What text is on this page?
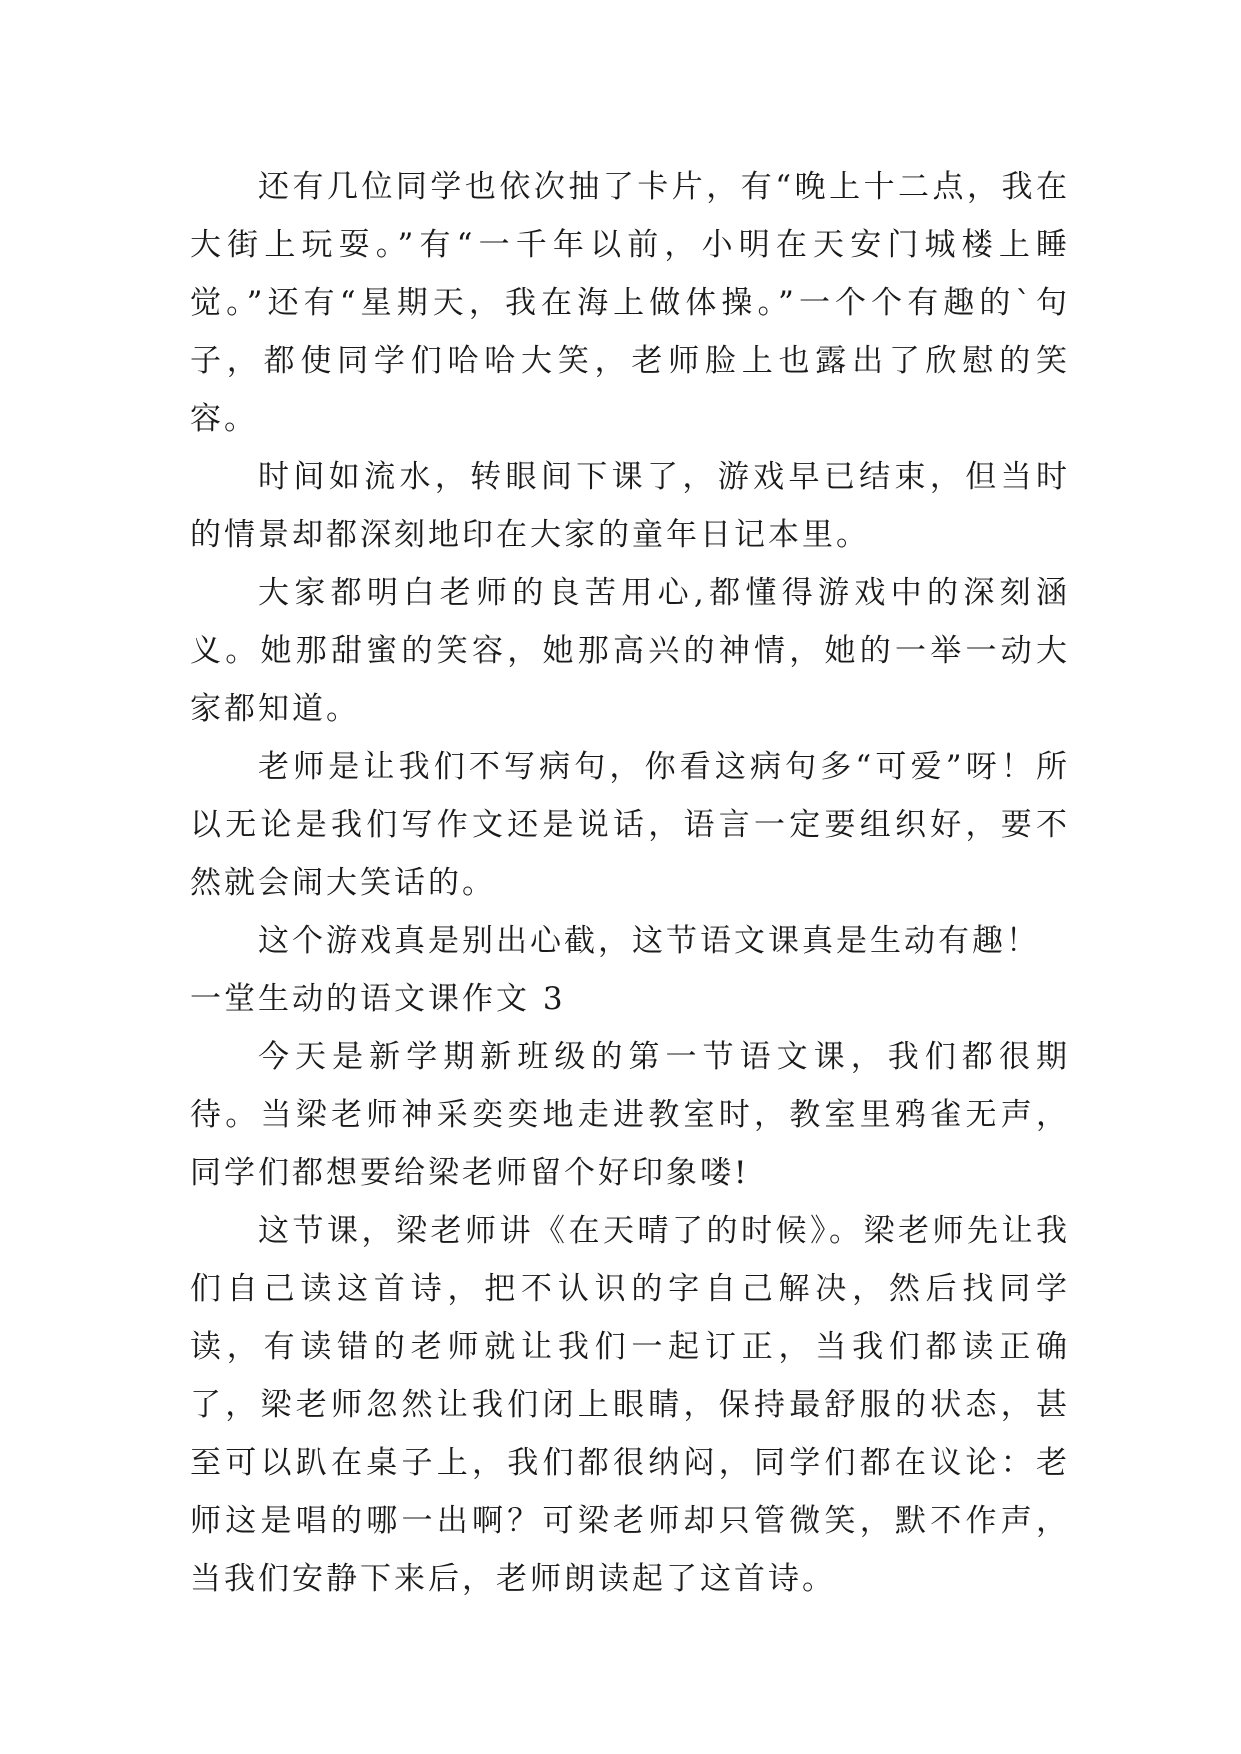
还有几位同学也依次抽了卡片，有“晚上十二点，我在大街上玩耍。”有“一千年以前，小明在天安门城楼上睡觉。”还有“星期天，我在海上做体操。”一个个有趣的`句子，都使同学们哈哈大笑，老师脸上也露出了欣慰的笑容。

时间如流水，转眼间下课了，游戏早已结束，但当时的情景却都深刻地印在大家的童年日记本里。

大家都明白老师的良苦用心,都懂得游戏中的深刻涵义。她那甜蜜的笑容，她那高兴的神情，她的一举一动大家都知道。

老师是让我们不写病句，你看这病句多“可爱”呀！所以无论是我们写作文还是说话，语言一定要组织好，要不然就会闹大笑话的。

这个游戏真是别出心截，这节语文课真是生动有趣！

一堂生动的语文课作文 3

今天是新学期新班级的第一节语文课，我们都很期待。当梁老师神采奕奕地走进教室时，教室里鸦雀无声，同学们都想要给梁老师留个好印象喽!

这节课，梁老师讲《在天晴了的时候》。梁老师先让我们自己读这首诗，把不认识的字自己解决，然后找同学读，有读错的老师就让我们一起订正，当我们都读正确了，梁老师忽然让我们闭上眼睛，保持最舒服的状态，甚至可以趴在桌子上，我们都很纳闷，同学们都在议论：老师这是唱的哪一出啊？可梁老师却只管微笑，默不作声，当我们安静下来后，老师朗读起了这首诗。
